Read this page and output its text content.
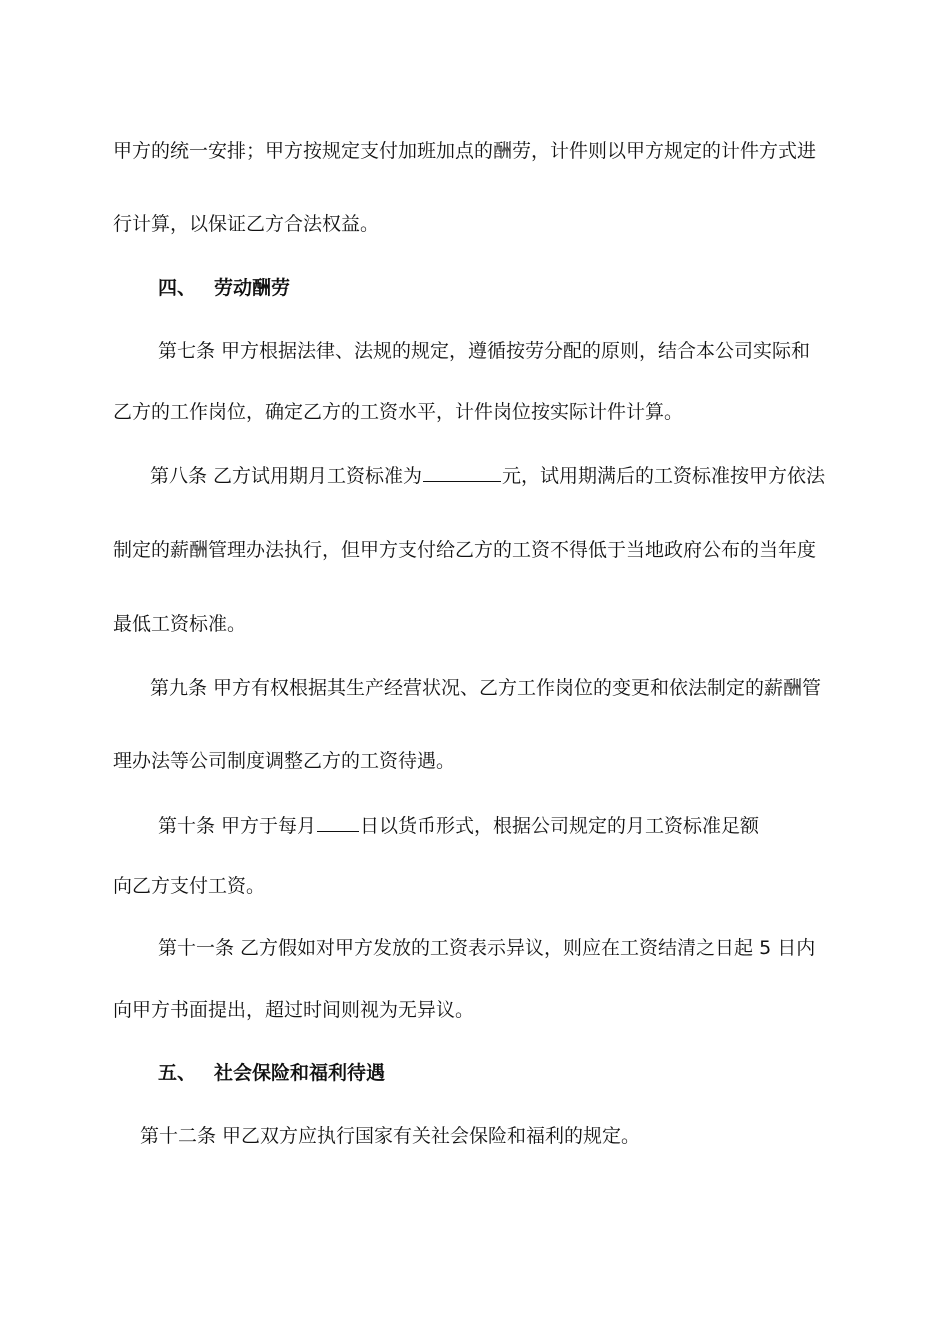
甲方的统一安排；甲方按规定支付加班加点的酬劳，计件则以甲方规定的计件方式进
行计算，以保证乙方合法权益。
四、 劳动酬劳
第七条 甲方根据法律、法规的规定，遵循按劳分配的原则，结合本公司实际和
乙方的工作岗位，确定乙方的工资水平，计件岗位按实际计件计算。
第八条 乙方试用期月工资标准为	元，试用期满后的工资标准按甲方依法
制定的薪酬管理办法执行，但甲方支付给乙方的工资不得低于当地政府公布的当年度
最低工资标准。
第九条 甲方有权根据其生产经营状况、乙方工作岗位的变更和依法制定的薪酬管
理办法等公司制度调整乙方的工资待遇。
第十条 甲方于每月 日以货币形式，根据公司规定的月工资标准足额
向乙方支付工资。
第十一条 乙方假如对甲方发放的工资表示异议，则应在工资结清之日起 5 日内
向甲方书面提出，超过时间则视为无异议。
五、 社会保险和福利待遇
第十二条 甲乙双方应执行国家有关社会保险和福利的规定。
